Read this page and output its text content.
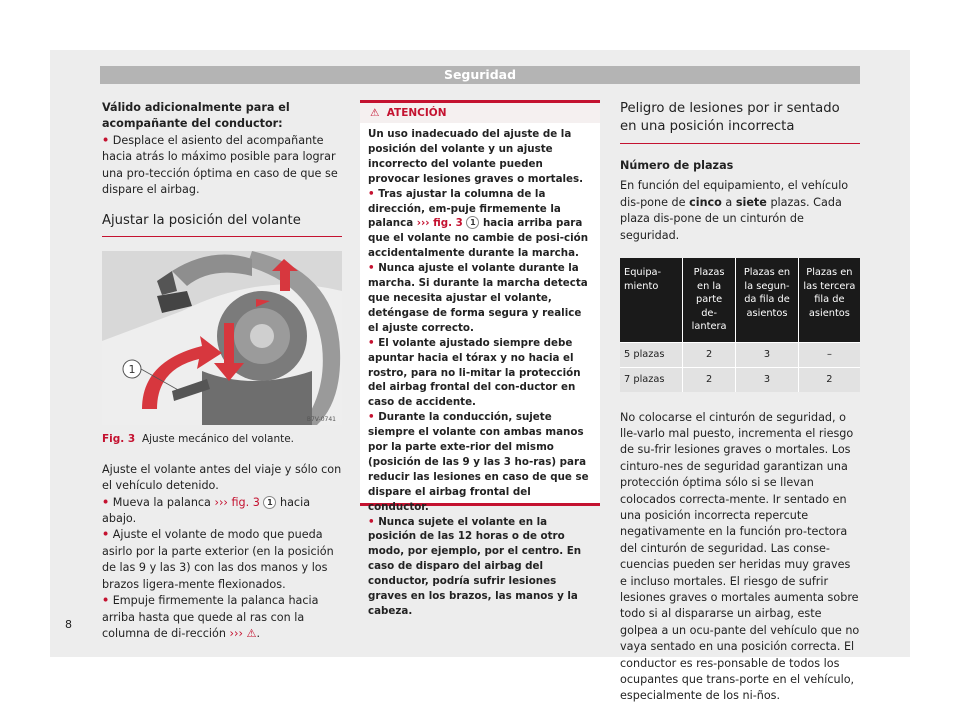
Seguridad

Válido adicionalmente para el acompañante del conductor:

• Desplace el asiento del acompañante hacia atrás lo máximo posible para lograr una pro-tección óptima en caso de que se dispare el airbag.

Ajustar la posición del volante
1
B7V-0741
Fig. 3 Ajuste mecánico del volante.

Ajuste el volante antes del viaje y sólo con el vehículo detenido.

• Mueva la palanca ››› fig. 3 1 hacia abajo.

• Ajuste el volante de modo que pueda asirlo por la parte exterior (en la posición de las 9 y las 3) con las dos manos y los brazos ligera-mente flexionados.

• Empuje firmemente la palanca hacia arriba hasta que quede al ras con la columna de di-rección ››› ⚠.

⚠ ATENCIÓN

Un uso inadecuado del ajuste de la posición del volante y un ajuste incorrecto del volante pueden provocar lesiones graves o mortales.

• Tras ajustar la columna de la dirección, em-puje firmemente la palanca ››› fig. 3 1 hacia arriba para que el volante no cambie de posi-ción accidentalmente durante la marcha.

• Nunca ajuste el volante durante la marcha. Si durante la marcha detecta que necesita ajustar el volante, deténgase de forma segura y realice el ajuste correcto.

• El volante ajustado siempre debe apuntar hacia el tórax y no hacia el rostro, para no li-mitar la protección del airbag frontal del con-ductor en caso de accidente.

• Durante la conducción, sujete siempre el volante con ambas manos por la parte exte-rior del mismo (posición de las 9 y las 3 ho-ras) para reducir las lesiones en caso de que se dispare el airbag frontal del conductor.

• Nunca sujete el volante en la posición de las 12 horas o de otro modo, por ejemplo, por el centro. En caso de disparo del airbag del conductor, podría sufrir lesiones graves en los brazos, las manos y la cabeza.

Peligro de lesiones por ir sentado en una posición incorrecta

Número de plazas

En función del equipamiento, el vehículo dis-pone de cinco a siete plazas. Cada plaza dis-pone de un cinturón de seguridad.

Equipa-miento	Plazas en la parte de-lantera	Plazas en la segun-da fila de asientos	Plazas en las tercera fila de asientos
5 plazas	2	3	–
7 plazas	2	3	2

No colocarse el cinturón de seguridad, o lle-varlo mal puesto, incrementa el riesgo de su-frir lesiones graves o mortales. Los cinturo-nes de seguridad garantizan una protección óptima sólo si se llevan colocados correcta-mente. Ir sentado en una posición incorrecta repercute negativamente en la función pro-tectora del cinturón de seguridad. Las conse-cuencias pueden ser heridas muy graves e incluso mortales. El riesgo de sufrir lesiones graves o mortales aumenta sobre todo si al dispararse un airbag, este golpea a un ocu-pante del vehículo que no vaya sentado en una posición correcta. El conductor es res-ponsable de todos los ocupantes que trans-porte en el vehículo, especialmente de los ni-ños.

8
